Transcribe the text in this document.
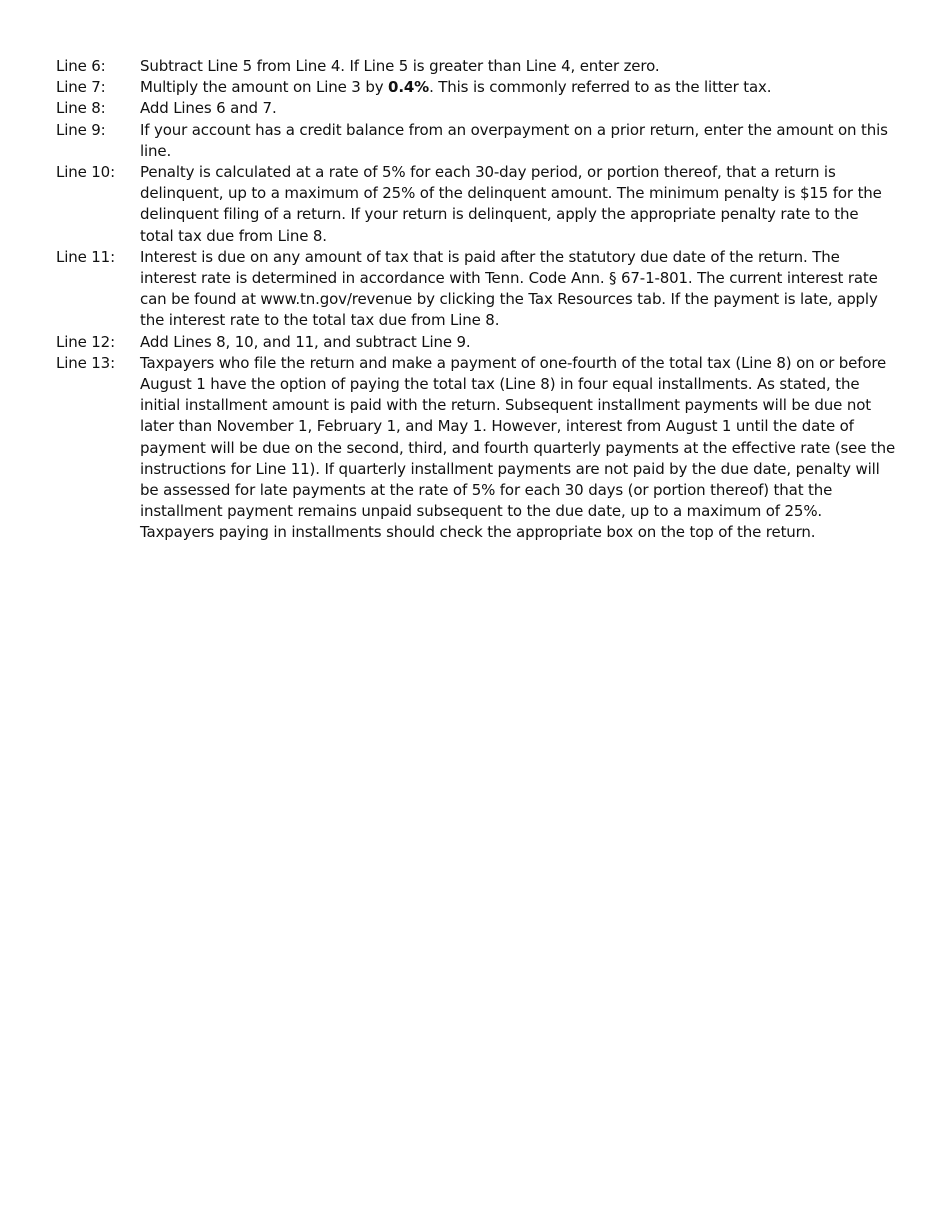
Line 6:	Subtract Line 5 from Line 4. If Line 5 is greater than Line 4, enter zero.
Line 7:	Multiply the amount on Line 3 by 0.4%. This is commonly referred to as the litter tax.
Line 8:	Add Lines 6 and 7.
Line 9:	If your account has a credit balance from an overpayment on a prior return, enter the amount on this line.
Line 10:	Penalty is calculated at a rate of 5% for each 30-day period, or portion thereof, that a return is delinquent, up to a maximum of 25% of the delinquent amount. The minimum penalty is $15 for the delinquent filing of a return. If your return is delinquent, apply the appropriate penalty rate to the total tax due from Line 8.
Line 11:	Interest is due on any amount of tax that is paid after the statutory due date of the return. The interest rate is determined in accordance with Tenn. Code Ann. § 67-1-801. The current interest rate can be found at www.tn.gov/revenue by clicking the Tax Resources tab. If the payment is late, apply the interest rate to the total tax due from Line 8.
Line 12:	Add Lines 8, 10, and 11, and subtract Line 9.
Line 13:	Taxpayers who file the return and make a payment of one-fourth of the total tax (Line 8) on or before August 1 have the option of paying the total tax (Line 8) in four equal installments. As stated, the initial installment amount is paid with the return. Subsequent installment payments will be due not later than November 1, February 1, and May 1. However, interest from August 1 until the date of payment will be due on the second, third, and fourth quarterly payments at the effective rate (see the instructions for Line 11). If quarterly installment payments are not paid by the due date, penalty will be assessed for late payments at the rate of 5% for each 30 days (or portion thereof) that the installment payment remains unpaid subsequent to the due date, up to a maximum of 25%. Taxpayers paying in installments should check the appropriate box on the top of the return.
